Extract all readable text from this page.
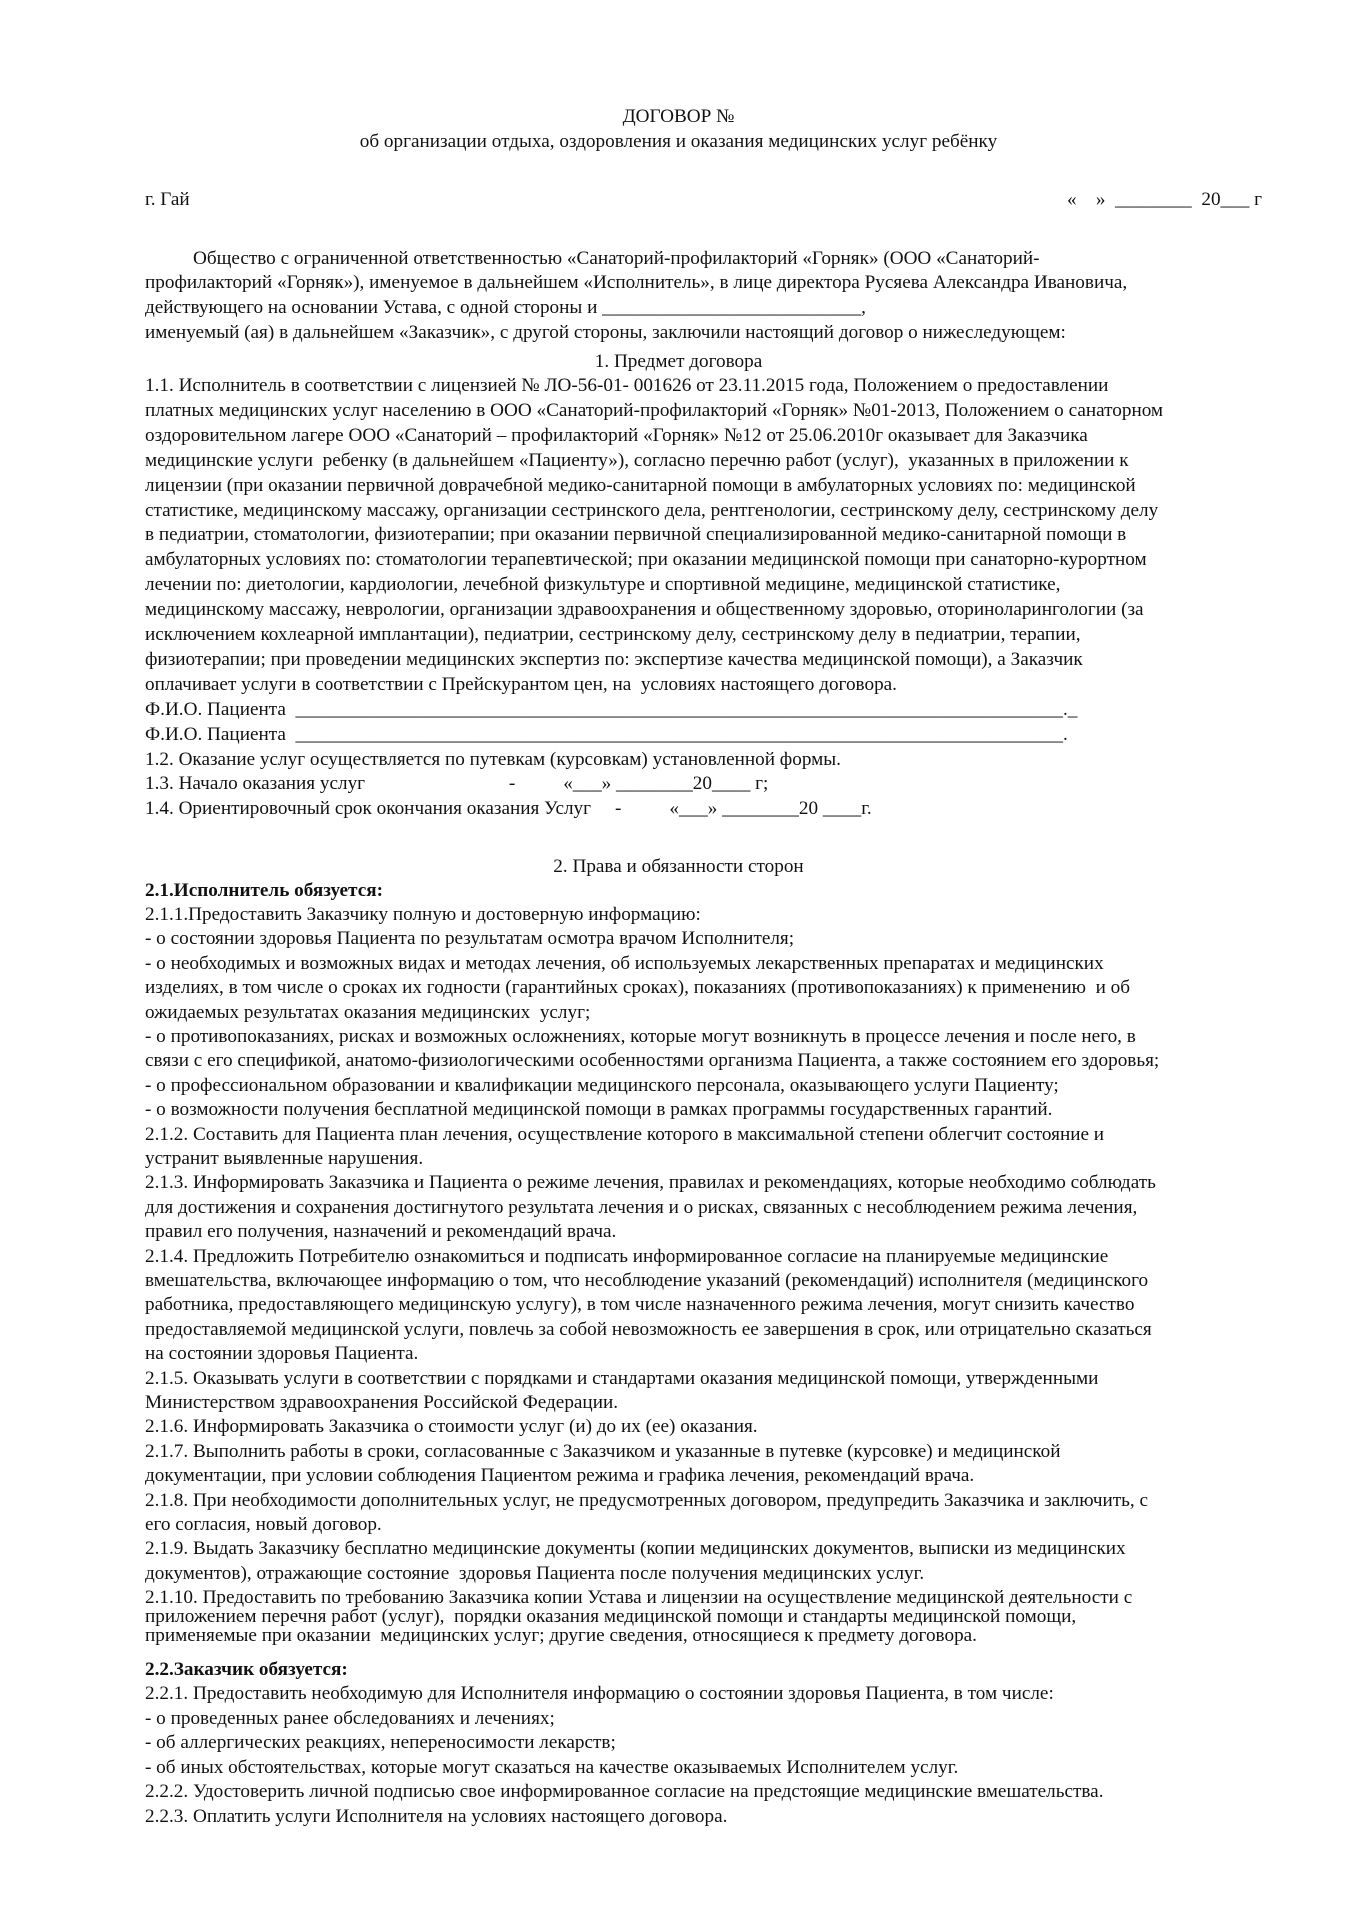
ДОГОВОР №
об организации отдыха, оздоровления и оказания медицинских услуг ребёнку
г. Гай	«    »  ________  20___ г
Общество с ограниченной ответственностью «Санаторий-профилакторий «Горняк» (ООО «Санаторий-
профилакторий «Горняк»), именуемое в дальнейшем «Исполнитель», в лице директора Русяева Александра Ивановича,
действующего на основании Устава, с одной стороны и ___________________________,
именуемый (ая) в дальнейшем «Заказчик», с другой стороны, заключили настоящий договор о нижеследующем:
1. Предмет договора
1.1. Исполнитель в соответствии с лицензией № ЛО-56-01- 001626 от 23.11.2015 года, Положением о предоставлении
платных медицинских услуг населению в ООО «Санаторий-профилакторий «Горняк» №01-2013, Положением о санаторном
оздоровительном лагере ООО «Санаторий – профилакторий «Горняк» №12 от 25.06.2010г оказывает для Заказчика
медицинские услуги  ребенку (в дальнейшем «Пациенту»), согласно перечню работ (услуг),  указанных в приложении к
лицензии (при оказании первичной доврачебной медико-санитарной помощи в амбулаторных условиях по: медицинской
статистике, медицинскому массажу, организации сестринского дела, рентгенологии, сестринскому делу, сестринскому делу
в педиатрии, стоматологии, физиотерапии; при оказании первичной специализированной медико-санитарной помощи в
амбулаторных условиях по: стоматологии терапевтической; при оказании медицинской помощи при санаторно-курортном
лечении по: диетологии, кардиологии, лечебной физкультуре и спортивной медицине, медицинской статистике,
медицинскому массажу, неврологии, организации здравоохранения и общественному здоровью, оториноларингологии (за
исключением кохлеарной имплантации), педиатрии, сестринскому делу, сестринскому делу в педиатрии, терапии,
физиотерапии; при проведении медицинских экспертиз по: экспертизе качества медицинской помощи), а Заказчик
оплачивает услуги в соответствии с Прейскурантом цен, на  условиях настоящего договора.
Ф.И.О. Пациента  ________________________________________________________________________________._
Ф.И.О. Пациента  ________________________________________________________________________________.
1.2. Оказание услуг осуществляется по путевкам (курсовкам) установленной формы.
1.3. Начало оказания услуг                              -          «___» ________20____ г;
1.4. Ориентировочный срок окончания оказания Услуг     -          «___» ________20 ____г.
2. Права и обязанности сторон
2.1.Исполнитель обязуется:
2.1.1.Предоставить Заказчику полную и достоверную информацию:
- о состоянии здоровья Пациента по результатам осмотра врачом Исполнителя;
- о необходимых и возможных видах и методах лечения, об используемых лекарственных препаратах и медицинских
изделиях, в том числе о сроках их годности (гарантийных сроках), показаниях (противопоказаниях) к применению  и об
ожидаемых результатах оказания медицинских  услуг;
- о противопоказаниях, рисках и возможных осложнениях, которые могут возникнуть в процессе лечения и после него, в
связи с его спецификой, анатомо-физиологическими особенностями организма Пациента, а также состоянием его здоровья;
- о профессиональном образовании и квалификации медицинского персонала, оказывающего услуги Пациенту;
- о возможности получения бесплатной медицинской помощи в рамках программы государственных гарантий.
2.1.2. Составить для Пациента план лечения, осуществление которого в максимальной степени облегчит состояние и
устранит выявленные нарушения.
2.1.3. Информировать Заказчика и Пациента о режиме лечения, правилах и рекомендациях, которые необходимо соблюдать
для достижения и сохранения достигнутого результата лечения и о рисках, связанных с несоблюдением режима лечения,
правил его получения, назначений и рекомендаций врача.
2.1.4. Предложить Потребителю ознакомиться и подписать информированное согласие на планируемые медицинские
вмешательства, включающее информацию о том, что несоблюдение указаний (рекомендаций) исполнителя (медицинского
работника, предоставляющего медицинскую услугу), в том числе назначенного режима лечения, могут снизить качество
предоставляемой медицинской услуги, повлечь за собой невозможность ее завершения в срок, или отрицательно сказаться
на состоянии здоровья Пациента.
2.1.5. Оказывать услуги в соответствии с порядками и стандартами оказания медицинской помощи, утвержденными
Министерством здравоохранения Российской Федерации.
2.1.6. Информировать Заказчика о стоимости услуг (и) до их (ее) оказания.
2.1.7. Выполнить работы в сроки, согласованные с Заказчиком и указанные в путевке (курсовке) и медицинской
документации, при условии соблюдения Пациентом режима и графика лечения, рекомендаций врача.
2.1.8. При необходимости дополнительных услуг, не предусмотренных договором, предупредить Заказчика и заключить, с
его согласия, новый договор.
2.1.9. Выдать Заказчику бесплатно медицинские документы (копии медицинских документов, выписки из медицинских
документов), отражающие состояние  здоровья Пациента после получения медицинских услуг.
2.1.10. Предоставить по требованию Заказчика копии Устава и лицензии на осуществление медицинской деятельности с
приложением перечня работ (услуг),  порядки оказания медицинской помощи и стандарты медицинской помощи,
применяемые при оказании  медицинских услуг; другие сведения, относящиеся к предмету договора.
2.2.Заказчик обязуется:
2.2.1. Предоставить необходимую для Исполнителя информацию о состоянии здоровья Пациента, в том числе:
- о проведенных ранее обследованиях и лечениях;
- об аллергических реакциях, непереносимости лекарств;
- об иных обстоятельствах, которые могут сказаться на качестве оказываемых Исполнителем услуг.
2.2.2. Удостоверить личной подписью свое информированное согласие на предстоящие медицинские вмешательства.
2.2.3. Оплатить услуги Исполнителя на условиях настоящего договора.
